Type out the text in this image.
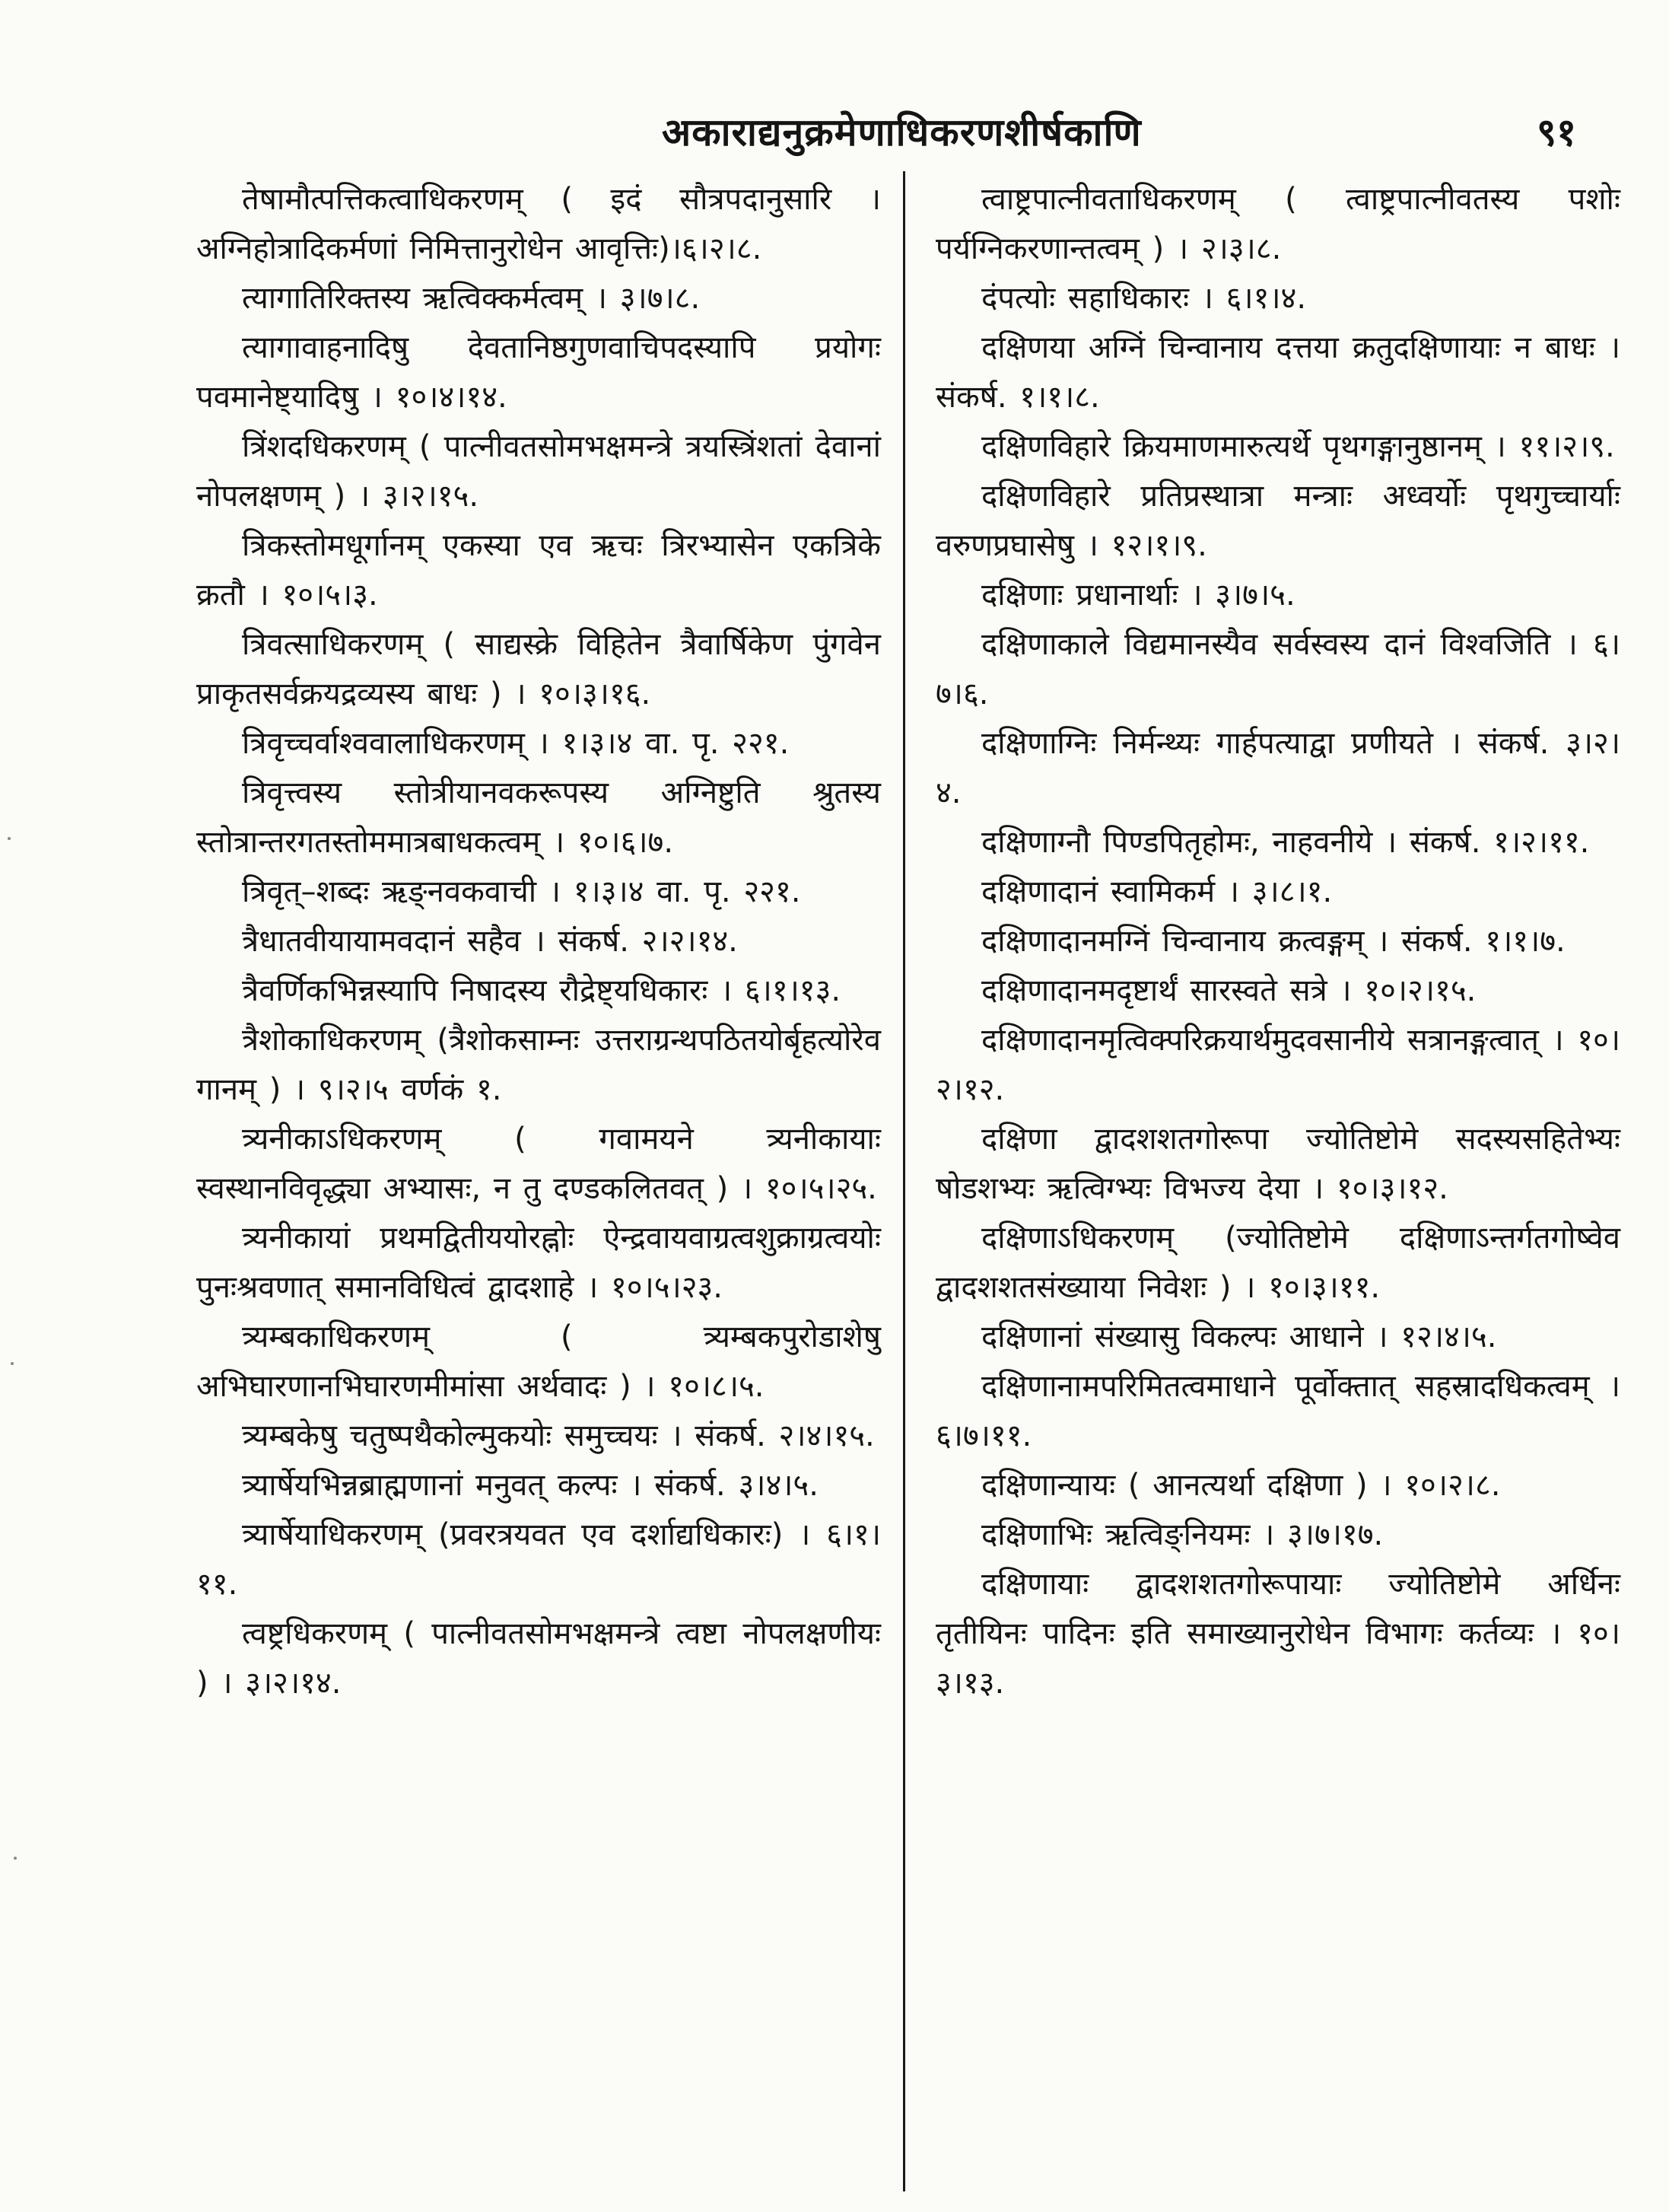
अकाराद्यनुक्रमेणाधिकरणशीर्षकाणि	९१

तेषामौत्पत्तिकत्वाधिकरणम् ( इदं सौत्रपदानुसारि । अग्निहोत्रादिकर्मणां निमित्तानुरोधेन आवृत्तिः)।६।२।८.

त्यागातिरिक्तस्य ऋत्विक्कर्मत्वम् । ३।७।८.

त्यागावाहनादिषु देवतानिष्ठगुणवाचिपदस्यापि प्रयोगः पवमानेष्ट्यादिषु । १०।४।१४.

त्रिंशदधिकरणम् ( पात्नीवतसोमभक्षमन्त्रे त्रयस्त्रिंशतां देवानां नोपलक्षणम् ) । ३।२।१५.

त्रिकस्तोमधूर्गानम् एकस्या एव ऋचः त्रिरभ्यासेन एकत्रिके क्रतौ । १०।५।३.

त्रिवत्साधिकरणम् ( साद्यस्क्रे विहितेन त्रैवार्षिकेण पुंगवेन प्राकृतसर्वक्रयद्रव्यस्य बाधः ) । १०।३।१६.

त्रिवृच्चर्वाश्ववालाधिकरणम् । १।३।४ वा. पृ. २२१.

त्रिवृत्त्वस्य स्तोत्रीयानवकरूपस्य अग्निष्टुति श्रुतस्य स्तोत्रान्तरगतस्तोममात्रबाधकत्वम् । १०।६।७.

त्रिवृत्–शब्दः ऋङ्नवकवाची । १।३।४ वा. पृ. २२१.

त्रैधातवीयायामवदानं सहैव । संकर्ष. २।२।१४.

त्रैवर्णिकभिन्नस्यापि निषादस्य रौद्रेष्ट्यधिकारः । ६।१।१३.

त्रैशोकाधिकरणम् (त्रैशोकसाम्नः उत्तराग्रन्थपठितयोर्बृहत्योरेव गानम् ) । ९।२।५ वर्णकं १.

त्र्यनीकाऽधिकरणम् ( गवामयने त्र्यनीकायाः स्वस्थानविवृद्ध्या अभ्यासः, न तु दण्डकलितवत् ) । १०।५।२५.

त्र्यनीकायां प्रथमद्वितीययोरह्नोः ऐन्द्रवायवाग्रत्वशुक्राग्रत्वयोः पुनःश्रवणात् समानविधित्वं द्वादशाहे । १०।५।२३.

त्र्यम्बकाधिकरणम् ( त्र्यम्बकपुरोडाशेषु अभिघारणानभिघारणमीमांसा अर्थवादः ) । १०।८।५.

त्र्यम्बकेषु चतुष्पथैकोल्मुकयोः समुच्चयः । संकर्ष. २।४।१५.

त्र्यार्षेयभिन्नब्राह्मणानां मनुवत् कल्पः । संकर्ष. ३।४।५.

त्र्यार्षेयाधिकरणम् (प्रवरत्रयवत एव दर्शाद्यधिकारः) । ६।१।११.

त्वष्ट्रधिकरणम् ( पात्नीवतसोमभक्षमन्त्रे त्वष्टा नोपलक्षणीयः ) । ३।२।१४.

त्वाष्ट्रपात्नीवताधिकरणम् ( त्वाष्ट्रपात्नीवतस्य पशोः पर्यग्निकरणान्तत्वम् ) । २।३।८.

दंपत्योः सहाधिकारः । ६।१।४.

दक्षिणया अग्निं चिन्वानाय दत्तया क्रतुदक्षिणायाः न बाधः । संकर्ष. १।१।८.

दक्षिणविहारे क्रियमाणमारुत्यर्थे पृथगङ्गानुष्ठानम् । ११।२।९.

दक्षिणविहारे प्रतिप्रस्थात्रा मन्त्राः अध्वर्योः पृथगुच्चार्याः वरुणप्रघासेषु । १२।१।९.

दक्षिणाः प्रधानार्थाः । ३।७।५.

दक्षिणाकाले विद्यमानस्यैव सर्वस्वस्य दानं विश्वजिति । ६।७।६.

दक्षिणाग्निः निर्मन्थ्यः गार्हपत्याद्वा प्रणीयते । संकर्ष. ३।२।४.

दक्षिणाग्नौ पिण्डपितृहोमः, नाहवनीये । संकर्ष. १।२।११.

दक्षिणादानं स्वामिकर्म । ३।८।१.

दक्षिणादानमग्निं चिन्वानाय क्रत्वङ्गम् । संकर्ष. १।१।७.

दक्षिणादानमदृष्टार्थं सारस्वते सत्रे । १०।२।१५.

दक्षिणादानमृत्विक्परिक्रयार्थमुदवसानीये सत्रानङ्गत्वात् । १०।२।१२.

दक्षिणा द्वादशशतगोरूपा ज्योतिष्टोमे सदस्यसहितेभ्यः षोडशभ्यः ऋत्विग्भ्यः विभज्य देया । १०।३।१२.

दक्षिणाऽधिकरणम् (ज्योतिष्टोमे दक्षिणाऽन्तर्गतगोष्वेव द्वादशशतसंख्याया निवेशः ) । १०।३।११.

दक्षिणानां संख्यासु विकल्पः आधाने । १२।४।५.

दक्षिणानामपरिमितत्वमाधाने पूर्वोक्तात् सहस्रादधिकत्वम् । ६।७।११.

दक्षिणान्यायः ( आनत्यर्था दक्षिणा ) । १०।२।८.

दक्षिणाभिः ऋत्विङ्नियमः । ३।७।१७.

दक्षिणायाः द्वादशशतगोरूपायाः ज्योतिष्टोमे अर्धिनः तृतीयिनः पादिनः इति समाख्यानुरोधेन विभागः कर्तव्यः । १०।३।१३.
